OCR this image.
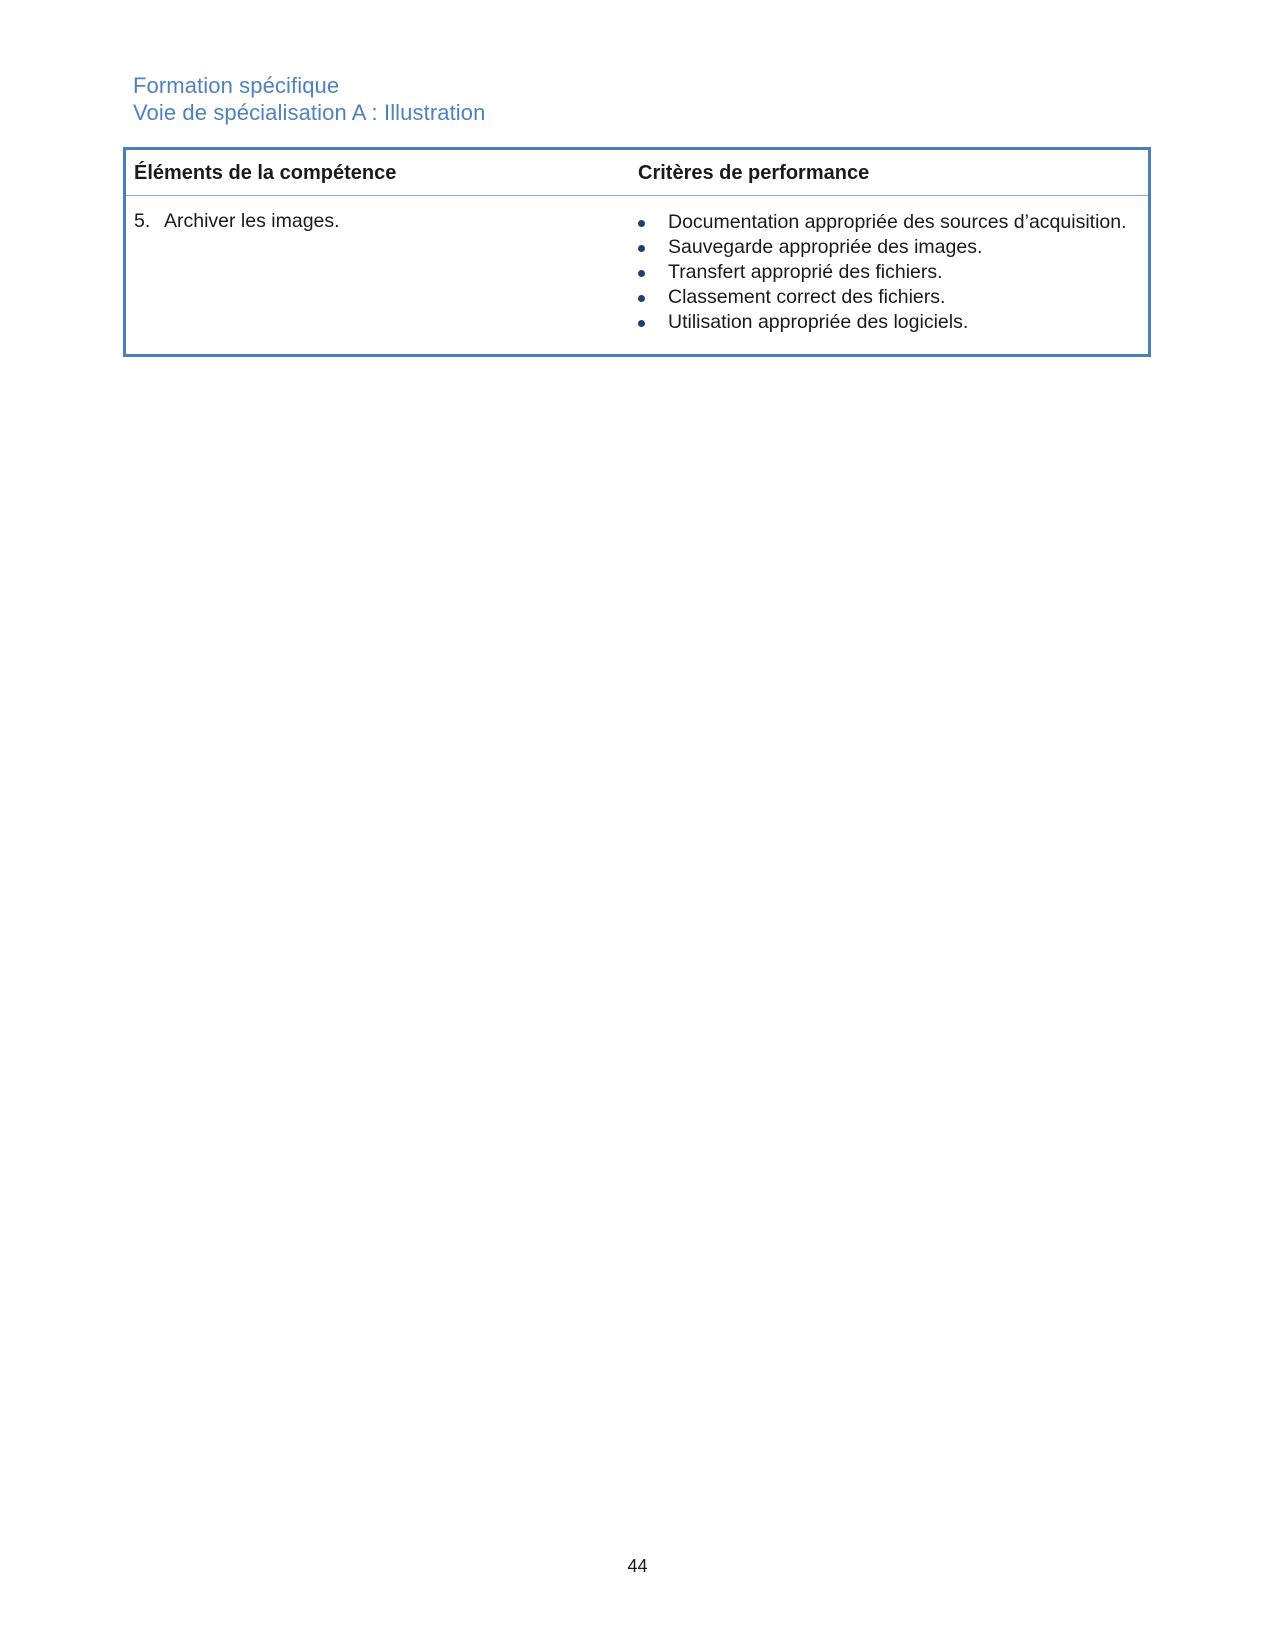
Formation spécifique
Voie de spécialisation A : Illustration
Éléments de la compétence	Critères de performance
5. Archiver les images.	Documentation appropriée des sources d’acquisition.
Sauvegarde appropriée des images.
Transfert approprié des fichiers.
Classement correct des fichiers.
Utilisation appropriée des logiciels.
44
